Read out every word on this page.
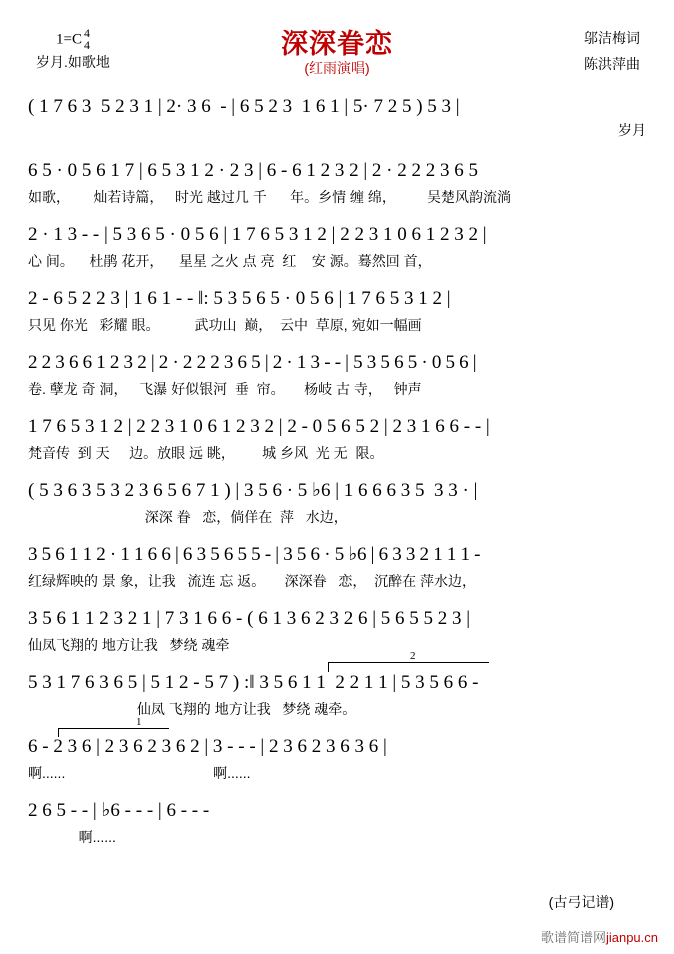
1=C 4
4
岁月.如歌地
深深眷恋
(红雨演唱)
邬洁梅词
陈洪萍曲
( 1 7 6 3  5 2 3 1 | 2· 3 6  - | 6 5 2 3  1 6 1 | 5· 7 2 5 ) 5 3 |
岁月
6 5 · 0 5 6 1 7 | 6 5 3 1 2 · 2 3 | 6 - 6 1 2 3 2 | 2 · 2 2 2 3 6 5
如歌，      灿若诗篇，   时光 越过几 千      年。乡情 缠 绵，        吴楚风韵流淌
2 · 1 3 - - | 5 3 6 5 · 0 5 6 | 1 7 6 5 3 1 2 | 2 2 3 1 0 6 1 2 3 2 |
心 间。    杜鹃 花开，    星星 之火 点 亮  红    安 源。蓦然回 首，
2 - 6 5 2 2 3 | 1 6 1 - - ‖: 5 3 5 6 5 · 0 5 6 | 1 7 6 5 3 1 2 |
只见 你光   彩耀 眼。         武功山  巅，  云中  草原, 宛如一幅画
2 2 3 6 6 1 2 3 2 | 2 · 2 2 2 3 6 5 | 2 · 1 3 - - | 5 3 5 6 5 · 0 5 6 |
卷. 孽龙 奇 洞，   飞瀑 好似银河  垂  帘。     杨岐 古 寺，   钟声
1 7 6 5 3 1 2 | 2 2 3 1 0 6 1 2 3 2 | 2 - 0 5 6 5 2 | 2 3 1 6 6 - - |
梵音传  到 天     边。放眼 远 眺，       城 乡风  光 无  限。
( 5 3 6 3 5 3 2 3 6 5 6 7 1 ) | 3 5 6 · 5 ♭6 | 1 6 6 6 3 5  3 3 · |
深深 眷   恋，倘佯在  萍   水边，
3 5 6 1 1 2 · 1 1 6 6 | 6 3 5 6 5 5 - | 3 5 6 · 5 ♭6 | 6 3 3 2 1 1 1 -
红绿辉映的 景 象，让我   流连 忘 返。     深深眷   恋，  沉醉在 萍水边，
3 5 6 1 1 2 3 2 1 | 7 3 1 6 6 - ( 6 1 3 6 2 3 2 6 | 5 6 5 5 2 3 |
仙凤飞翔的 地方让我   梦绕 魂牵
2
5 3 1 7 6 3 6 5 | 5 1 2 - 5 7 ) :‖ 3 5 6 1 1  2 2 1 1 | 5 3 5 6 6 -
仙凤 飞翔的 地方让我   梦绕 魂牵。
1
6 - 2 3 6 | 2 3 6 2 3 6 2 | 3 - - - | 2 3 6 2 3 6 3 6 |
啊......                                      啊......
2 6 5 - - | ♭6 - - - | 6 - - -
啊......
(古弓记谱)
歌谱简谱网jianpu.cn
